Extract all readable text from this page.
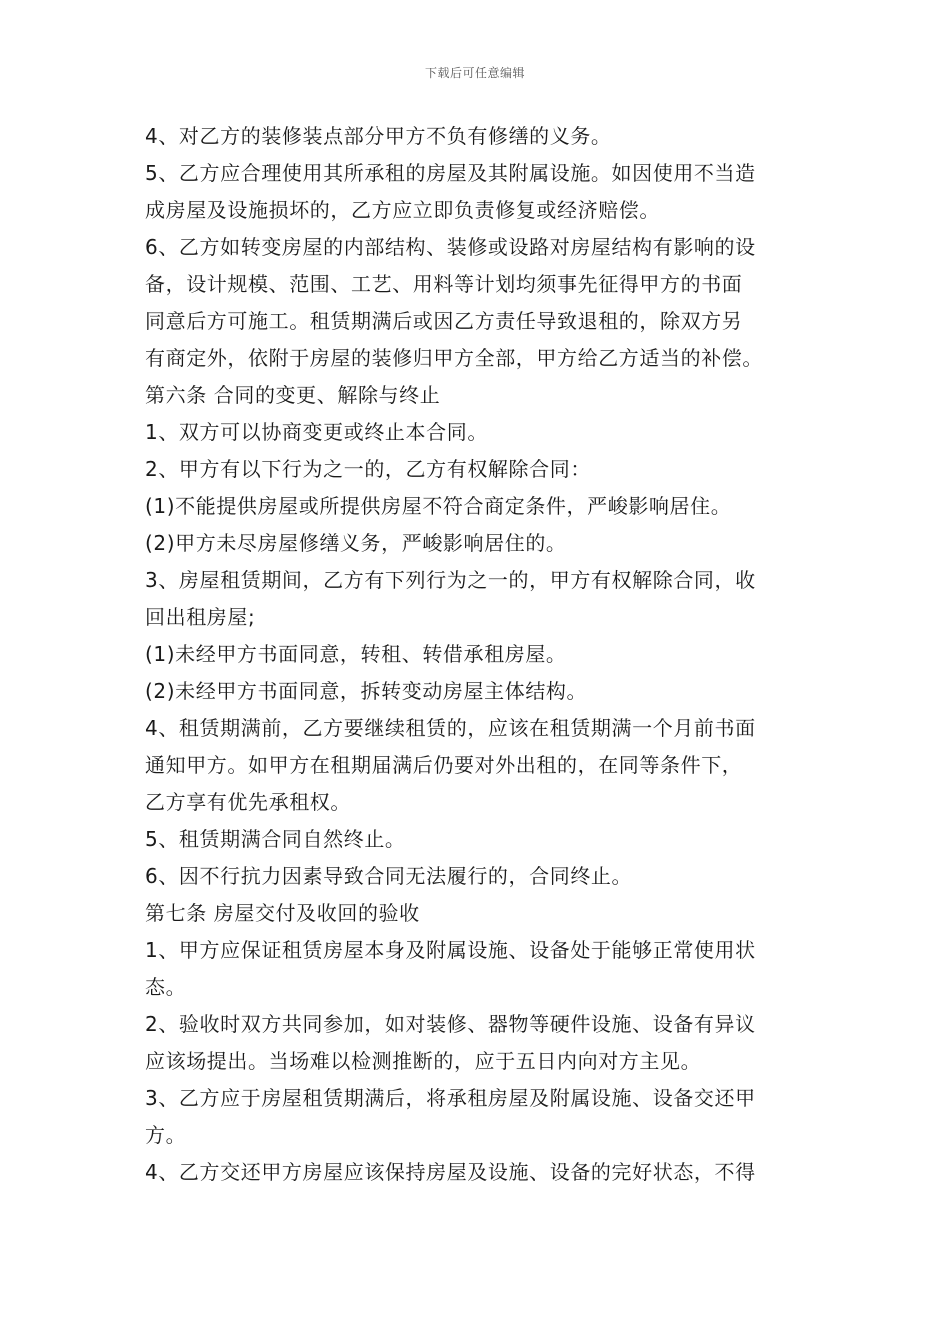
下载后可任意编辑
4、对乙方的装修装点部分甲方不负有修缮的义务。
5、乙方应合理使用其所承租的房屋及其附属设施。如因使用不当造
成房屋及设施损坏的，乙方应立即负责修复或经济赔偿。
6、乙方如转变房屋的内部结构、装修或设路对房屋结构有影响的设
备，设计规模、范围、工艺、用料等计划均须事先征得甲方的书面
同意后方可施工。租赁期满后或因乙方责任导致退租的，除双方另
有商定外，依附于房屋的装修归甲方全部，甲方给乙方适当的补偿。
第六条 合同的变更、解除与终止
1、双方可以协商变更或终止本合同。
2、甲方有以下行为之一的，乙方有权解除合同：
(1)不能提供房屋或所提供房屋不符合商定条件，严峻影响居住。
(2)甲方未尽房屋修缮义务，严峻影响居住的。
3、房屋租赁期间，乙方有下列行为之一的，甲方有权解除合同，收
回出租房屋;
(1)未经甲方书面同意，转租、转借承租房屋。
(2)未经甲方书面同意，拆转变动房屋主体结构。
4、租赁期满前，乙方要继续租赁的，应该在租赁期满一个月前书面
通知甲方。如甲方在租期届满后仍要对外出租的，在同等条件下，
乙方享有优先承租权。
5、租赁期满合同自然终止。
6、因不行抗力因素导致合同无法履行的，合同终止。
第七条 房屋交付及收回的验收
1、甲方应保证租赁房屋本身及附属设施、设备处于能够正常使用状
态。
2、验收时双方共同参加，如对装修、器物等硬件设施、设备有异议
应该场提出。当场难以检测推断的，应于五日内向对方主见。
3、乙方应于房屋租赁期满后，将承租房屋及附属设施、设备交还甲
方。
4、乙方交还甲方房屋应该保持房屋及设施、设备的完好状态，不得
